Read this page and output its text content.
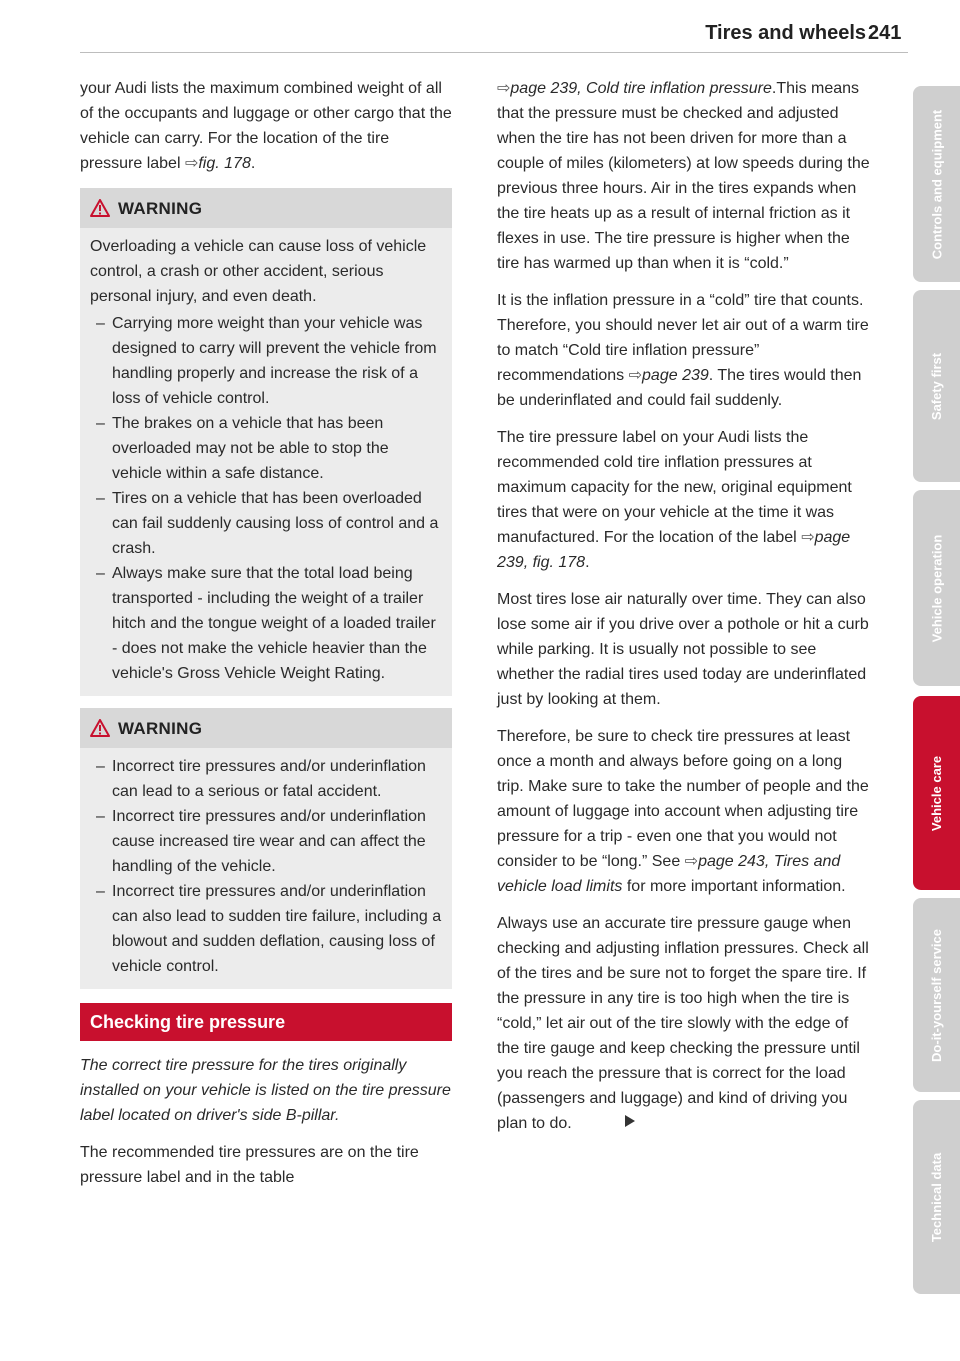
Tires and wheels 241

your Audi lists the maximum combined weight of all of the occupants and luggage or other cargo that the vehicle can carry. For the location of the tire pressure label ⇨fig. 178.

WARNING

Overloading a vehicle can cause loss of vehicle control, a crash or other accident, serious personal injury, and even death.

– Carrying more weight than your vehicle was designed to carry will prevent the vehicle from handling properly and increase the risk of a loss of vehicle control.
– The brakes on a vehicle that has been overloaded may not be able to stop the vehicle within a safe distance.
– Tires on a vehicle that has been overloaded can fail suddenly causing loss of control and a crash.
– Always make sure that the total load being transported - including the weight of a trailer hitch and the tongue weight of a loaded trailer - does not make the vehicle heavier than the vehicle's Gross Vehicle Weight Rating.
WARNING
– Incorrect tire pressures and/or underinflation can lead to a serious or fatal accident.
– Incorrect tire pressures and/or underinflation cause increased tire wear and can affect the handling of the vehicle.
– Incorrect tire pressures and/or underinflation can also lead to sudden tire failure, including a blowout and sudden deflation, causing loss of vehicle control.
Checking tire pressure

The correct tire pressure for the tires originally installed on your vehicle is listed on the tire pressure label located on driver's side B-pillar.

The recommended tire pressures are on the tire pressure label and in the table

⇨page 239, Cold tire inflation pressure.This means that the pressure must be checked and adjusted when the tire has not been driven for more than a couple of miles (kilometers) at low speeds during the previous three hours. Air in the tires expands when the tire heats up as a result of internal friction as it flexes in use. The tire pressure is higher when the tire has warmed up than when it is “cold.”

It is the inflation pressure in a “cold” tire that counts. Therefore, you should never let air out of a warm tire to match “Cold tire inflation pressure” recommendations ⇨page 239. The tires would then be underinflated and could fail suddenly.

The tire pressure label on your Audi lists the recommended cold tire inflation pressures at maximum capacity for the new, original equipment tires that were on your vehicle at the time it was manufactured. For the location of the label ⇨page 239, fig. 178.

Most tires lose air naturally over time. They can also lose some air if you drive over a pothole or hit a curb while parking. It is usually not possible to see whether the radial tires used today are underinflated just by looking at them.

Therefore, be sure to check tire pressures at least once a month and always before going on a long trip. Make sure to take the number of people and the amount of luggage into account when adjusting tire pressure for a trip - even one that you would not consider to be “long.” See ⇨page 243, Tires and vehicle load limits for more important information.

Always use an accurate tire pressure gauge when checking and adjusting inflation pressures. Check all of the tires and be sure not to forget the spare tire. If the pressure in any tire is too high when the tire is “cold,” let air out of the tire slowly with the edge of the tire gauge and keep checking the pressure until you reach the pressure that is correct for the load (passengers and luggage) and kind of driving you plan to do.

Controls and equipment
Safety first
Vehicle operation
Vehicle care
Do-it-yourself service
Technical data
